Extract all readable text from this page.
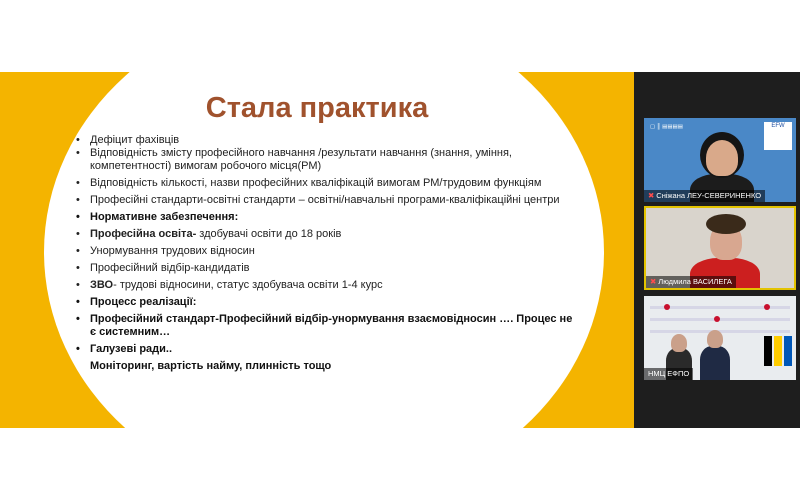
Стала практика
• Дефіцит фахівців
• Відповідність змісту професійного навчання /результати навчання (знання, уміння, компетентності) вимогам робочого місця(РМ)
• Відповідність кількості, назви професійних кваліфікацій вимогам РМ/трудовим функціям
• Професійні стандарти-освітні стандарти – освітні/навчальні програми-кваліфікаційні центри
• Нормативне забезпечення:
• Професійна освіта- здобувачі освіти до 18 років
• Унормування трудових відносин
• Професійний відбір-кандидатів
• ЗВО- трудові відносини, статус здобувача освіти 1-4 курс
• Процесс реалізації:
• Професійний стандарт-Професійний відбір-унормування взаємовідносин …. Процес не є системним…
• Галузеві ради..
Моніторинг, вартість найму, плинність тощо
▢ ║ ▤▤▤▤	EFW
✖ Сніжана ЛЕУ-СЕВЕРИНЕНКО
✖ Людмила ВАСИЛЕГА
НМЦ ЕФПО
